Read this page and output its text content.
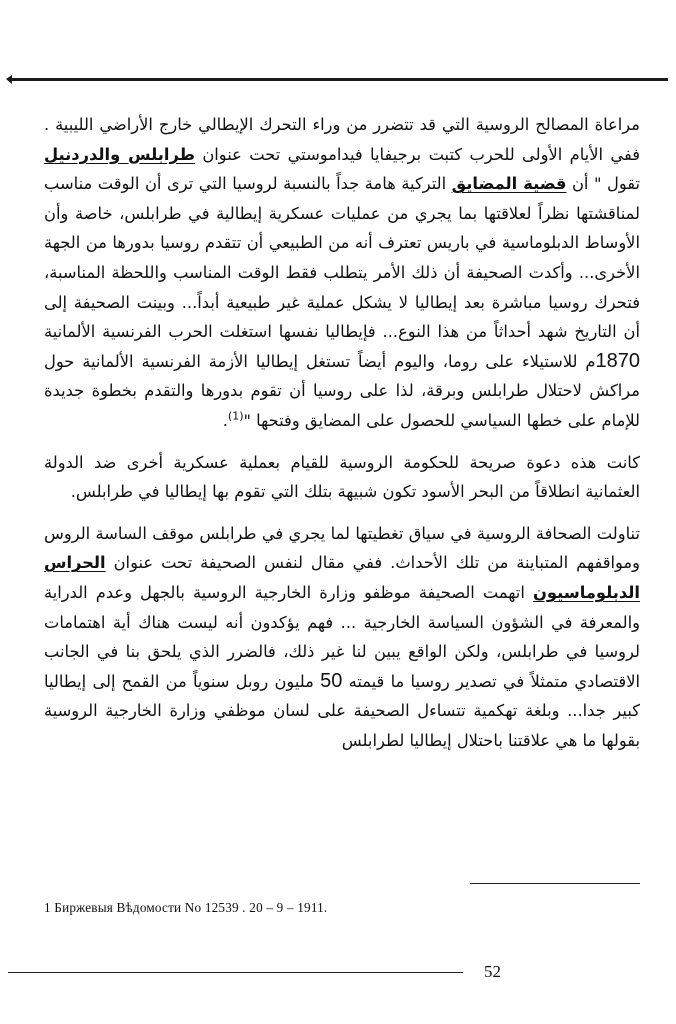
مراعاة المصالح الروسية التي قد تتضرر من وراء التحرك الإيطالي خارج الأراضي الليبية . ففي الأيام الأولى للحرب كتبت برجيفايا فيداموستي تحت عنوان طرابلس والدردنيل تقول " أن قضية المضايق التركية هامة جداً بالنسبة لروسيا التي ترى أن الوقت مناسب لمناقشتها نظراً لعلاقتها بما يجري من عمليات عسكرية إيطالية في طرابلس، خاصة وأن الأوساط الدبلوماسية في باريس تعترف أنه من الطبيعي أن تتقدم روسيا بدورها من الجهة الأخرى... وأكدت الصحيفة أن ذلك الأمر يتطلب فقط الوقت المناسب واللحظة المناسبة، فتحرك روسيا مباشرة بعد إيطاليا لا يشكل عملية غير طبيعية أبداً... وبينت الصحيفة إلى أن التاريخ شهد أحداثاً من هذا النوع... فإيطاليا نفسها استغلت الحرب الفرنسية الألمانية 1870م للاستيلاء على روما، واليوم أيضاً تستغل إيطاليا الأزمة الفرنسية الألمانية حول مراكش لاحتلال طرابلس وبرقة، لذا على روسيا أن تقوم بدورها والتقدم بخطوة جديدة للإمام على خطها السياسي للحصول على المضايق وفتحها "$^{(1)}$.

كانت هذه دعوة صريحة للحكومة الروسية للقيام بعملية عسكرية أخرى ضد الدولة العثمانية انطلاقاً من البحر الأسود تكون شبيهة بتلك التي تقوم بها إيطاليا في طرابلس.

تناولت الصحافة الروسية في سياق تغطيتها لما يجري في طرابلس موقف الساسة الروس ومواقفهم المتباينة من تلك الأحداث. ففي مقال لنفس الصحيفة تحت عنوان الحراس الدبلوماسيون اتهمت الصحيفة موظفو وزارة الخارجية الروسية بالجهل وعدم الدراية والمعرفة في الشؤون السياسة الخارجية ... فهم يؤكدون أنه ليست هناك أية اهتمامات لروسيا في طرابلس، ولكن الواقع يبين لنا غير ذلك، فالضرر الذي يلحق بنا في الجانب الاقتصادي متمثلاً في تصدير روسيا ما قيمته 50 مليون روبل سنوياً من القمح إلى إيطاليا كبير جدا... وبلغة تهكمية تتساءل الصحيفة على لسان موظفي وزارة الخارجية الروسية بقولها ما هي علاقتنا باحتلال إيطاليا لطرابلس

1 Биржевыя Вѣдомости No 12539 . 20 – 9 – 1911.
52
